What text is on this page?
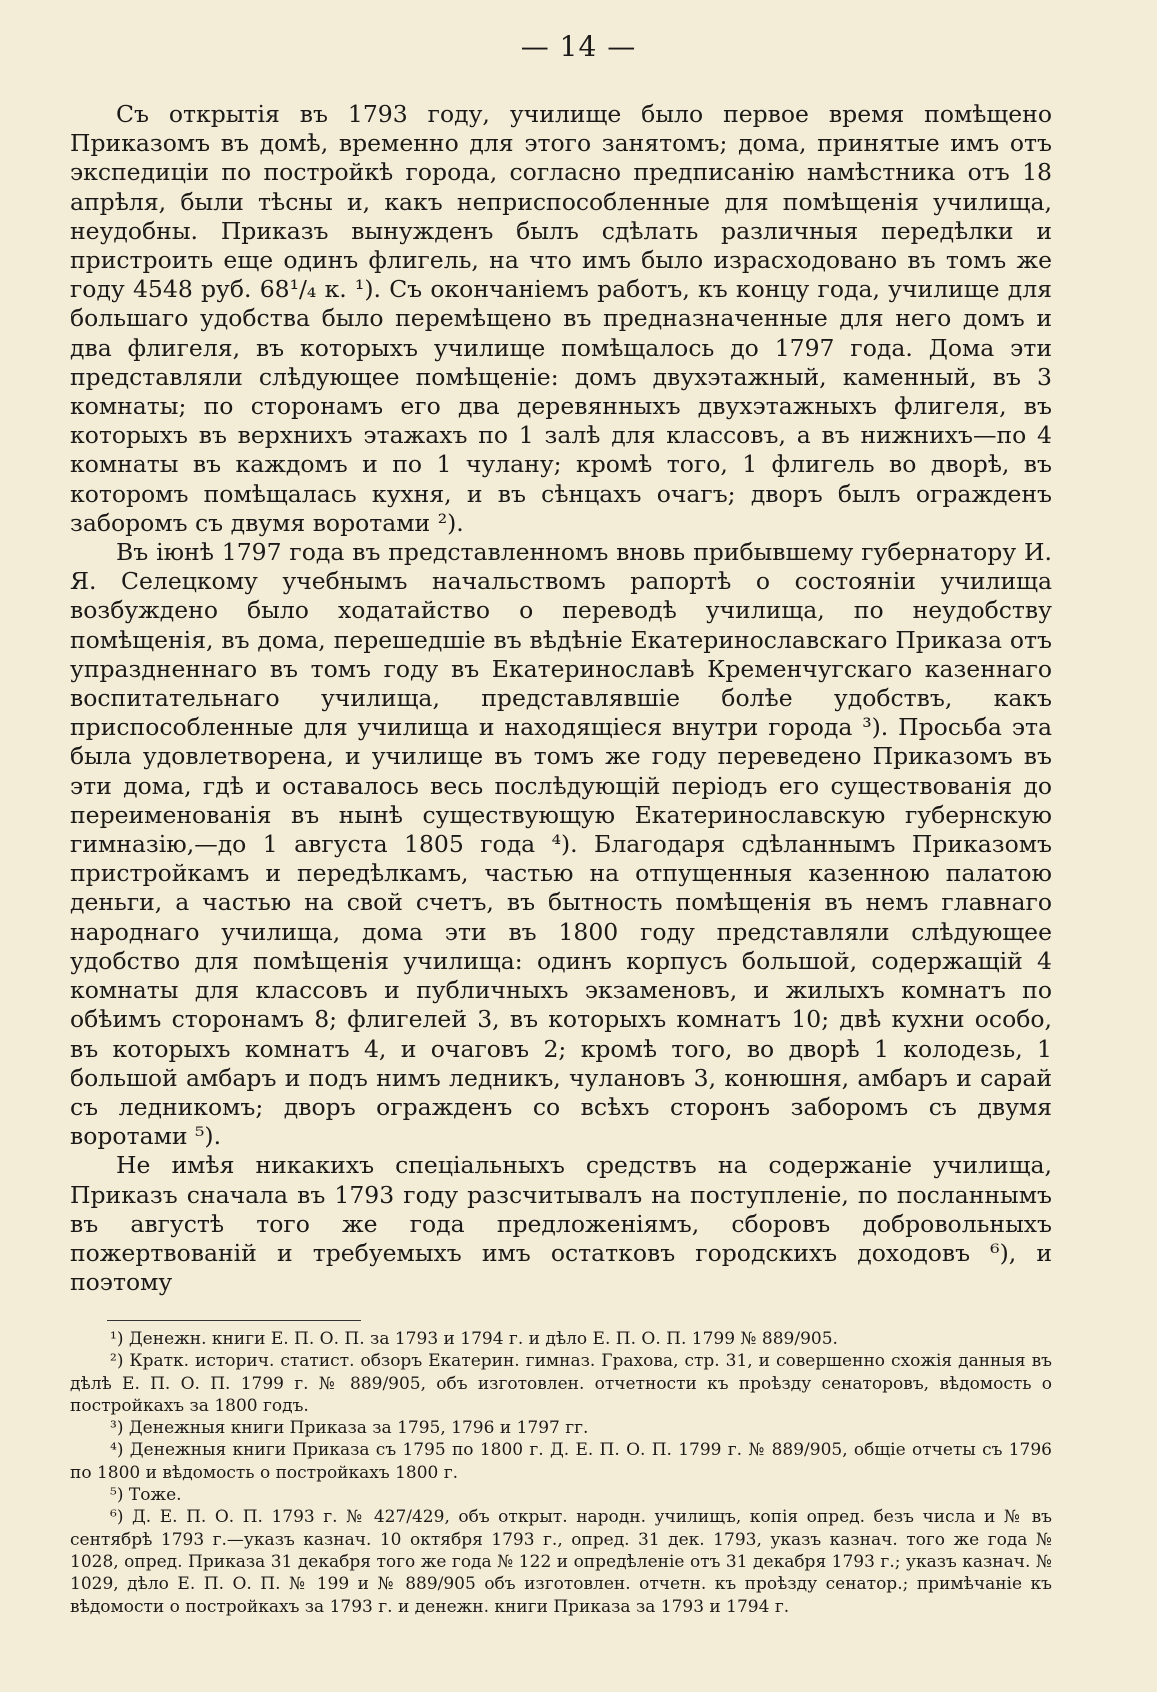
— 14 —

Съ открытія въ 1793 году, училище было первое время помѣщено Приказомъ въ домѣ, временно для этого занятомъ; дома, принятые имъ отъ экспедиціи по постройкѣ города, согласно предписанію намѣстника отъ 18 апрѣля, были тѣсны и, какъ неприспособленные для помѣщенія училища, неудобны. Приказъ вынужденъ былъ сдѣлать различныя передѣлки и пристроить еще одинъ флигель, на что имъ было израсходовано въ томъ же году 4548 руб. 68¹/₄ к. ¹). Съ окончаніемъ работъ, къ концу года, училище для большаго удобства было перемѣщено въ предназначенные для него домъ и два флигеля, въ которыхъ училище помѣщалось до 1797 года. Дома эти представляли слѣдующее помѣщеніе: домъ двухэтажный, каменный, въ 3 комнаты; по сторонамъ его два деревянныхъ двухэтажныхъ флигеля, въ которыхъ въ верхнихъ этажахъ по 1 залѣ для классовъ, а въ нижнихъ—по 4 комнаты въ каждомъ и по 1 чулану; кромѣ того, 1 флигель во дворѣ, въ которомъ помѣщалась кухня, и въ сѣнцахъ очагъ; дворъ былъ огражденъ заборомъ съ двумя воротами ²).

Въ іюнѣ 1797 года въ представленномъ вновь прибывшему губернатору И. Я. Селецкому учебнымъ начальствомъ рапортѣ о состояніи училища возбуждено было ходатайство о переводѣ училища, по неудобству помѣщенія, въ дома, перешедшіе въ вѣдѣніе Екатеринославскаго Приказа отъ упраздненнаго въ томъ году въ Екатеринославѣ Кременчугскаго казеннаго воспитательнаго училища, представлявшіе болѣе удобствъ, какъ приспособленные для училища и находящіеся внутри города ³). Просьба эта была удовлетворена, и училище въ томъ же году переведено Приказомъ въ эти дома, гдѣ и оставалось весь послѣдующій періодъ его существованія до переименованія въ нынѣ существующую Екатеринославскую губернскую гимназію,—до 1 августа 1805 года ⁴). Благодаря сдѣланнымъ Приказомъ пристройкамъ и передѣлкамъ, частью на отпущенныя казенною палатою деньги, а частью на свой счетъ, въ бытность помѣщенія въ немъ главнаго народнаго училища, дома эти въ 1800 году представляли слѣдующее удобство для помѣщенія училища: одинъ корпусъ большой, содержащій 4 комнаты для классовъ и публичныхъ экзаменовъ, и жилыхъ комнатъ по обѣимъ сторонамъ 8; флигелей 3, въ которыхъ комнатъ 10; двѣ кухни особо, въ которыхъ комнатъ 4, и очаговъ 2; кромѣ того, во дворѣ 1 колодезь, 1 большой амбаръ и подъ нимъ ледникъ, чулановъ 3, конюшня, амбаръ и сарай съ ледникомъ; дворъ огражденъ со всѣхъ сторонъ заборомъ съ двумя воротами ⁵).

Не имѣя никакихъ спеціальныхъ средствъ на содержаніе училища, Приказъ сначала въ 1793 году разсчитывалъ на поступленіе, по посланнымъ въ августѣ того же года предложеніямъ, сборовъ добровольныхъ пожертвованій и требуемыхъ имъ остатковъ городскихъ доходовъ ⁶), и поэтому

¹) Денежн. книги Е. П. О. П. за 1793 и 1794 г. и дѣло Е. П. О. П. 1799 № 889/905.

²) Кратк. историч. статист. обзоръ Екатерин. гимназ. Грахова, стр. 31, и совершенно схожія данныя въ дѣлѣ Е. П. О. П. 1799 г. № 889/905, объ изготовлен. отчетности къ проѣзду сенаторовъ, вѣдомость о постройкахъ за 1800 годъ.

³) Денежныя книги Приказа за 1795, 1796 и 1797 гг.

⁴) Денежныя книги Приказа съ 1795 по 1800 г. Д. Е. П. О. П. 1799 г. № 889/905, общіе отчеты съ 1796 по 1800 и вѣдомость о постройкахъ 1800 г.

⁵) Тоже.

⁶) Д. Е. П. О. П. 1793 г. № 427/429, объ открыт. народн. училищъ, копія опред. безъ числа и № въ сентябрѣ 1793 г.—указъ казнач. 10 октября 1793 г., опред. 31 дек. 1793, указъ казнач. того же года № 1028, опред. Приказа 31 декабря того же года № 122 и опредѣленіе отъ 31 декабря 1793 г.; указъ казнач. № 1029, дѣло Е. П. О. П. № 199 и № 889/905 объ изготовлен. отчетн. къ проѣзду сенатор.; примѣчаніе къ вѣдомости о постройкахъ за 1793 г. и денежн. книги Приказа за 1793 и 1794 г.
